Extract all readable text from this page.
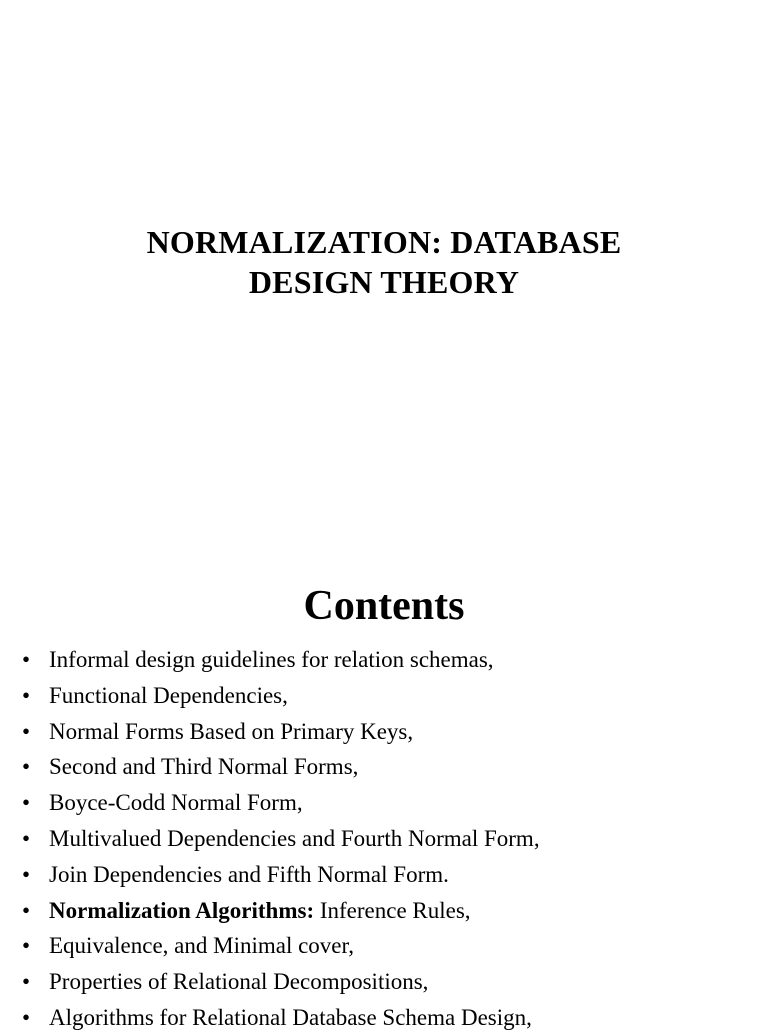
NORMALIZATION: DATABASE
DESIGN THEORY
Contents
• Informal design guidelines for relation schemas,
• Functional Dependencies,
• Normal Forms Based on Primary Keys,
• Second and Third Normal Forms,
• Boyce-Codd Normal Form,
• Multivalued Dependencies and Fourth Normal Form,
• Join Dependencies and Fifth Normal Form.
• Normalization Algorithms: Inference Rules,
• Equivalence, and Minimal cover,
• Properties of Relational Decompositions,
• Algorithms for Relational Database Schema Design,
